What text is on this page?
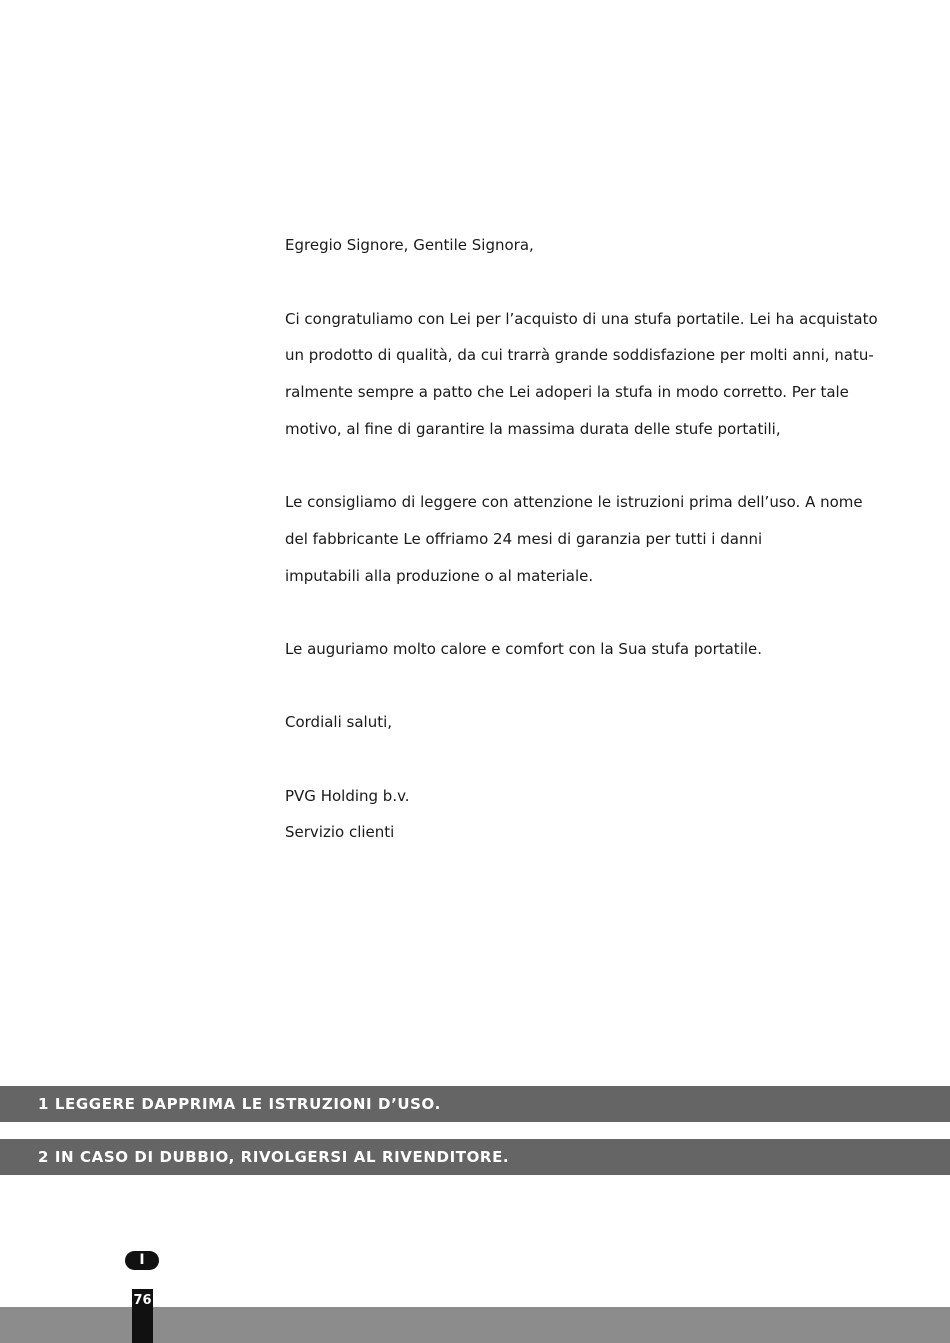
Egregio Signore, Gentile Signora,
Ci congratuliamo con Lei per l’acquisto di una stufa portatile. Lei ha acquistato
un prodotto di qualità, da cui trarrà grande soddisfazione per molti anni, natu-
ralmente sempre a patto che Lei adoperi la stufa in modo corretto. Per tale
motivo, al fine di garantire la massima durata delle stufe portatili,
Le consigliamo di leggere con attenzione le istruzioni prima dell’uso. A nome
del fabbricante Le offriamo 24 mesi di garanzia per tutti i danni
imputabili alla produzione o al materiale.
Le auguriamo molto calore e comfort con la Sua stufa portatile.
Cordiali saluti,
PVG Holding b.v.
Servizio clienti
1 LEGGERE DAPPRIMA LE ISTRUZIONI D’USO.
2 IN CASO DI DUBBIO, RIVOLGERSI AL RIVENDITORE.
I
76
